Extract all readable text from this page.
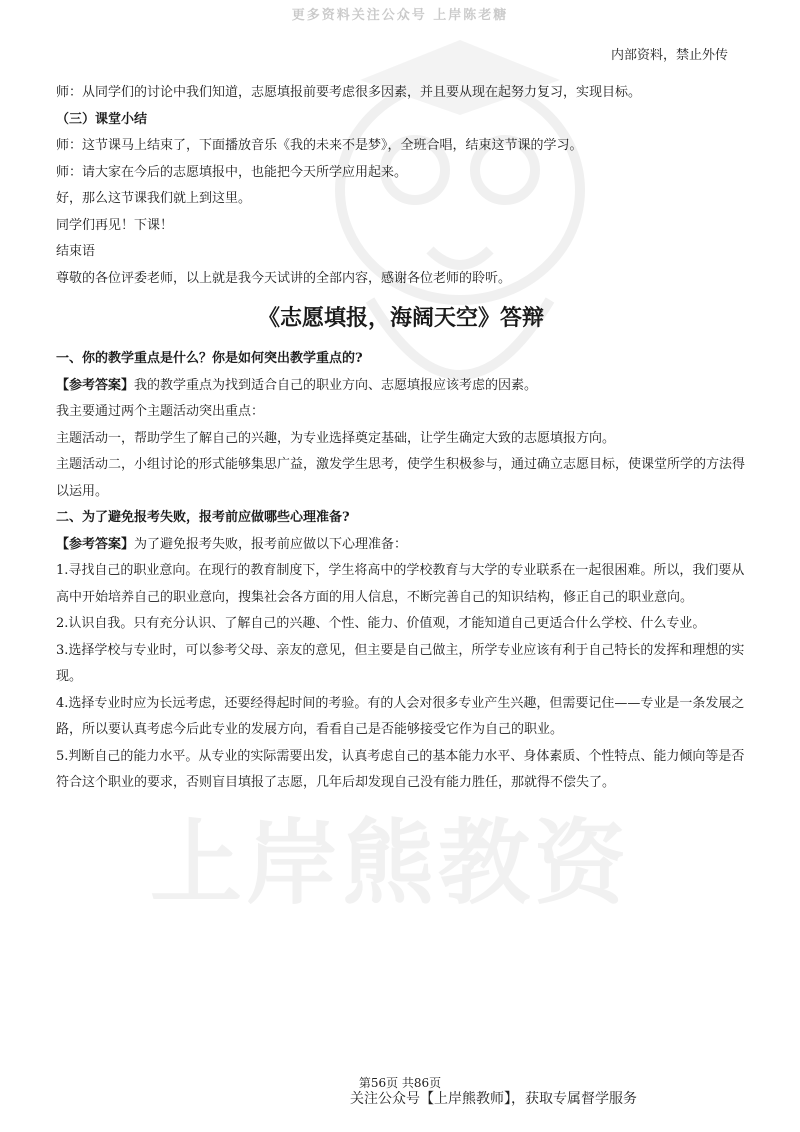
更多资料关注公众号 上岸陈老糖
内部资料，禁止外传
上岸熊教资

师：从同学们的讨论中我们知道，志愿填报前要考虑很多因素，并且要从现在起努力复习，实现目标。

（三）课堂小结

师：这节课马上结束了，下面播放音乐《我的未来不是梦》，全班合唱，结束这节课的学习。

师：请大家在今后的志愿填报中，也能把今天所学应用起来。

好，那么这节课我们就上到这里。

同学们再见！下课！

结束语

尊敬的各位评委老师，以上就是我今天试讲的全部内容，感谢各位老师的聆听。

《志愿填报，海阔天空》答辩

一、你的教学重点是什么？你是如何突出教学重点的?

【参考答案】我的教学重点为找到适合自己的职业方向、志愿填报应该考虑的因素。

我主要通过两个主题活动突出重点：

主题活动一，帮助学生了解自己的兴趣，为专业选择奠定基础，让学生确定大致的志愿填报方向。

主题活动二，小组讨论的形式能够集思广益，激发学生思考，使学生积极参与，通过确立志愿目标，使课堂所学的方法得以运用。

二、为了避免报考失败，报考前应做哪些心理准备?

【参考答案】为了避免报考失败，报考前应做以下心理准备：

1.寻找自己的职业意向。在现行的教育制度下，学生将高中的学校教育与大学的专业联系在一起很困难。所以，我们要从高中开始培养自己的职业意向，搜集社会各方面的用人信息，不断完善自己的知识结构，修正自己的职业意向。

2.认识自我。只有充分认识、了解自己的兴趣、个性、能力、价值观，才能知道自己更适合什么学校、什么专业。

3.选择学校与专业时，可以参考父母、亲友的意见，但主要是自己做主，所学专业应该有利于自己特长的发挥和理想的实现。

4.选择专业时应为长远考虑，还要经得起时间的考验。有的人会对很多专业产生兴趣，但需要记住——专业是一条发展之路，所以要认真考虑今后此专业的发展方向，看看自己是否能够接受它作为自己的职业。

5.判断自己的能力水平。从专业的实际需要出发，认真考虑自己的基本能力水平、身体素质、个性特点、能力倾向等是否符合这个职业的要求，否则盲目填报了志愿，几年后却发现自己没有能力胜任，那就得不偿失了。

第56页 共86页
关注公众号【上岸熊教师】，获取专属督学服务
